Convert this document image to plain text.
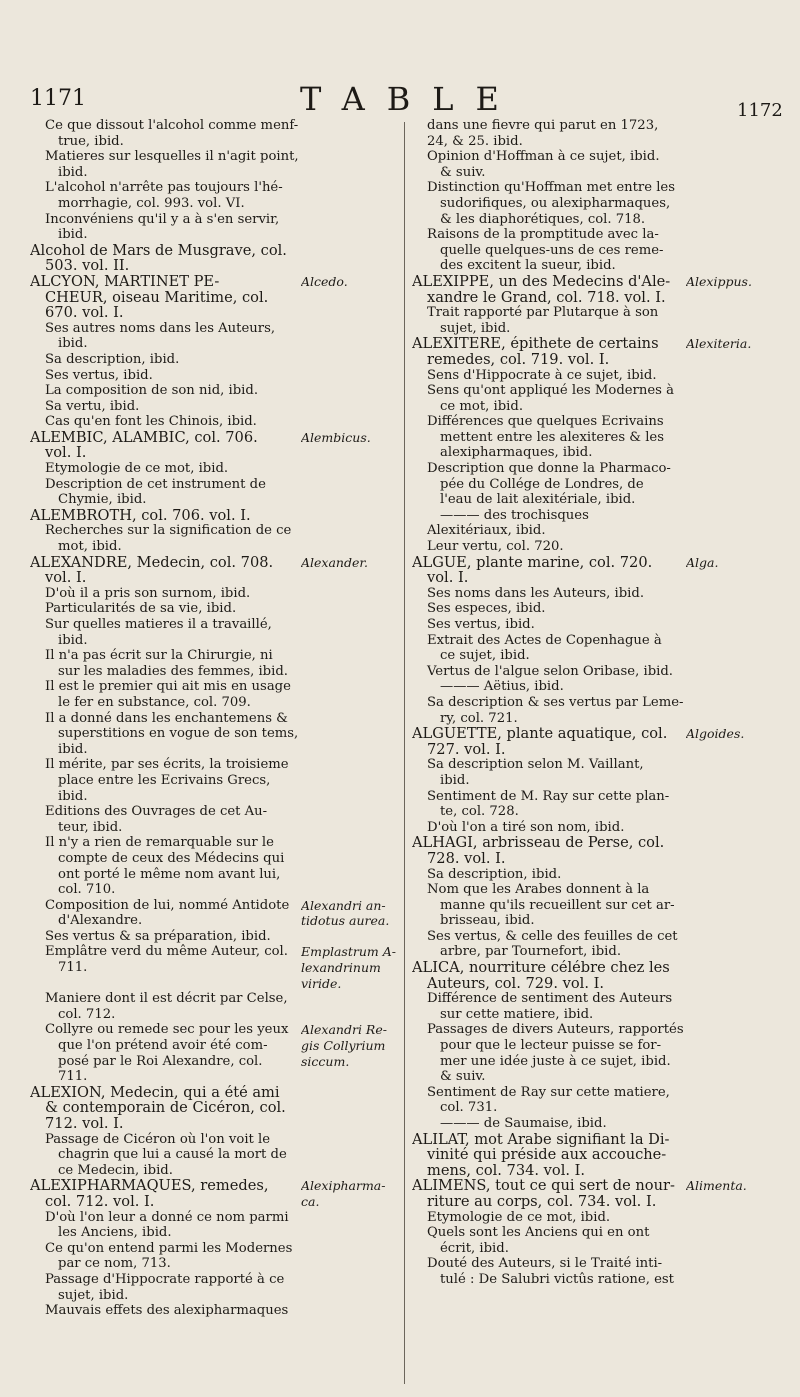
1171	TABLE	1172
Ce que dissout l'alcohol comme menf-
true, ibid.
Matieres sur lesquelles il n'agit point,
ibid.
L'alcohol n'arrête pas toujours l'hé-
morrhagie, col. 993. vol. VI.
Inconvéniens qu'il y a à s'en servir,
ibid.
Alcohol de Mars de Musgrave, col.
503. vol. II.
ALCYON, MARTINET PE-
CHEUR, oiseau Maritime, col.
670. vol. I.
Alcedo.
Ses autres noms dans les Auteurs,
ibid.
Sa description, ibid.
Ses vertus, ibid.
La composition de son nid, ibid.
Sa vertu, ibid.
Cas qu'en font les Chinois, ibid.
ALEMBIC, ALAMBIC, col. 706.
vol. I.
Alembicus.
Etymologie de ce mot, ibid.
Description de cet instrument de
Chymie, ibid.
ALEMBROTH, col. 706. vol. I.
Recherches sur la signification de ce
mot, ibid.
ALEXANDRE, Medecin, col. 708.
vol. I.
Alexander.
D'où il a pris son surnom, ibid.
Particularités de sa vie, ibid.
Sur quelles matieres il a travaillé,
ibid.
Il n'a pas écrit sur la Chirurgie, ni
sur les maladies des femmes, ibid.
Il est le premier qui ait mis en usage
le fer en substance, col. 709.
Il a donné dans les enchantemens &
superstitions en vogue de son tems,
ibid.
Il mérite, par ses écrits, la troisieme
place entre les Ecrivains Grecs,
ibid.
Editions des Ouvrages de cet Au-
teur, ibid.
Il n'y a rien de remarquable sur le
compte de ceux des Médecins qui
ont porté le même nom avant lui,
col. 710.
Composition de lui, nommé Antidote
d'Alexandre.
Alexandri an-
tidotus aurea.
Ses vertus & sa préparation, ibid.
Emplâtre verd du même Auteur, col.
711.
Emplastrum A-
lexandrinum
viride.
Maniere dont il est décrit par Celse,
col. 712.
Collyre ou remede sec pour les yeux
que l'on prétend avoir été com-
posé par le Roi Alexandre, col.
711.
Alexandri Re-
gis Collyrium
siccum.
ALEXION, Medecin, qui a été ami
& contemporain de Cicéron, col.
712. vol. I.
Passage de Cicéron où l'on voit le
chagrin que lui a causé la mort de
ce Medecin, ibid.
ALEXIPHARMAQUES, remedes,
col. 712. vol. I.
Alexipharma-
ca.
D'où l'on leur a donné ce nom parmi
les Anciens, ibid.
Ce qu'on entend parmi les Modernes
par ce nom, 713.
Passage d'Hippocrate rapporté à ce
sujet, ibid.
Mauvais effets des alexipharmaques
dans une fievre qui parut en 1723,
24, & 25. ibid.
Opinion d'Hoffman à ce sujet, ibid.
& suiv.
Distinction qu'Hoffman met entre les
sudorifiques, ou alexipharmaques,
& les diaphorétiques, col. 718.
Raisons de la promptitude avec la-
quelle quelques-uns de ces reme-
des excitent la sueur, ibid.
ALEXIPPE, un des Medecins d'Ale-
xandre le Grand, col. 718. vol. I.
Alexippus.
Trait rapporté par Plutarque à son
sujet, ibid.
ALEXITERE, épithete de certains
remedes, col. 719. vol. I.
Alexiteria.
Sens d'Hippocrate à ce sujet, ibid.
Sens qu'ont appliqué les Modernes à
ce mot, ibid.
Différences que quelques Ecrivains
mettent entre les alexiteres & les
alexipharmaques, ibid.
Description que donne la Pharmaco-
pée du Collége de Londres, de
l'eau de lait alexitériale, ibid.
——— des trochisques
Alexitériaux, ibid.
Leur vertu, col. 720.
ALGUE, plante marine, col. 720.
vol. I.
Alga.
Ses noms dans les Auteurs, ibid.
Ses especes, ibid.
Ses vertus, ibid.
Extrait des Actes de Copenhague à
ce sujet, ibid.
Vertus de l'algue selon Oribase, ibid.
——— Aëtius, ibid.
Sa description & ses vertus par Leme-
ry, col. 721.
ALGUETTE, plante aquatique, col.
727. vol. I.
Algoides.
Sa description selon M. Vaillant,
ibid.
Sentiment de M. Ray sur cette plan-
te, col. 728.
D'où l'on a tiré son nom, ibid.
ALHAGI, arbrisseau de Perse, col.
728. vol. I.
Sa description, ibid.
Nom que les Arabes donnent à la
manne qu'ils recueillent sur cet ar-
brisseau, ibid.
Ses vertus, & celle des feuilles de cet
arbre, par Tournefort, ibid.
ALICA, nourriture célébre chez les
Auteurs, col. 729. vol. I.
Différence de sentiment des Auteurs
sur cette matiere, ibid.
Passages de divers Auteurs, rapportés
pour que le lecteur puisse se for-
mer une idée juste à ce sujet, ibid.
& suiv.
Sentiment de Ray sur cette matiere,
col. 731.
——— de Saumaise, ibid.
ALILAT, mot Arabe signifiant la Di-
vinité qui préside aux accouche-
mens, col. 734. vol. I.
ALIMENS, tout ce qui sert de nour-
riture au corps, col. 734. vol. I.
Alimenta.
Etymologie de ce mot, ibid.
Quels sont les Anciens qui en ont
écrit, ibid.
Douté des Auteurs, si le Traité inti-
tulé : De Salubri victûs ratione, est
